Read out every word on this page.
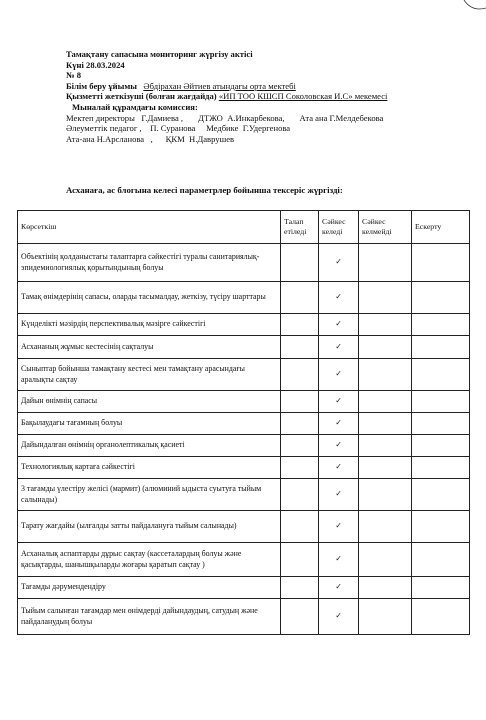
Тамақтану сапасына мониторинг жүргізу актісі
Күні 28.03.2024
№ 8
Білім беру ұйымы Әбдірахан Әйтиев атындағы орта мектебі
Қызметті жеткізуші (болған жағдайда) «ИП ТОО КШСП Соколовская И.С» мекемесі
Мыналай құрамдағы комиссия:
Мектеп директоры   Г.Дамиева ,       ДТЖО  А.Инкарбекова,       Ата ана Г.Мелдебекова
Әлеуметтік педагог ,    П. Суранова     Медбике  Г.Удергенова
Ата-ана Н.Арсланова   ,      ҚКМ  Н.Даврушев
Асханаға, ас блогына келесі параметрлер бойынша тексеріс жүргізді:
Көрсеткіш	Талап етіледі	Сәйкес келеді	Сәйкес келмейді	Ескерту
Объектінің қолданыстағы талаптарға сәйкестігі туралы санитариялық-эпидемиологиялық қорытындының болуы		✓		
Тамақ өнімдерінің сапасы, оларды тасымалдау, жеткізу, түсіру шарттары		✓		
Күнделікті мәзірдің перспективалық мәзірге сәйкестігі		✓		
Асхананың жұмыс кестесінің сақталуы		✓		
Сыныптар бойынша тамақтану кестесі мен тамақтану арасындағы аралықты сақтау		✓		
Дайын өнімнің сапасы		✓		
Бақылаудағы тағамның болуы		✓		
Дайындалған өнімнің органолептикалық қасиеті		✓		
Технологиялық картаға сәйкестігі		✓		
3 тағамды үлестіру желісі (мармит) (алюминий ыдыста суытуға тыйым салынады)		✓		
Тарату жағдайы (ылғалды затты пайдалануға тыйым салынады)		✓		
Асханалық аспаптарды дұрыс сақтау (кассеталардың болуы және қасықтарды, шанышқыларды жоғары қаратып сақтау )		✓		
Тағамды дәрумендендіру		✓		
Тыйым салынған тағамдар мен өнімдерді дайындаудың, сатудың және пайдаланудың болуы		✓		
